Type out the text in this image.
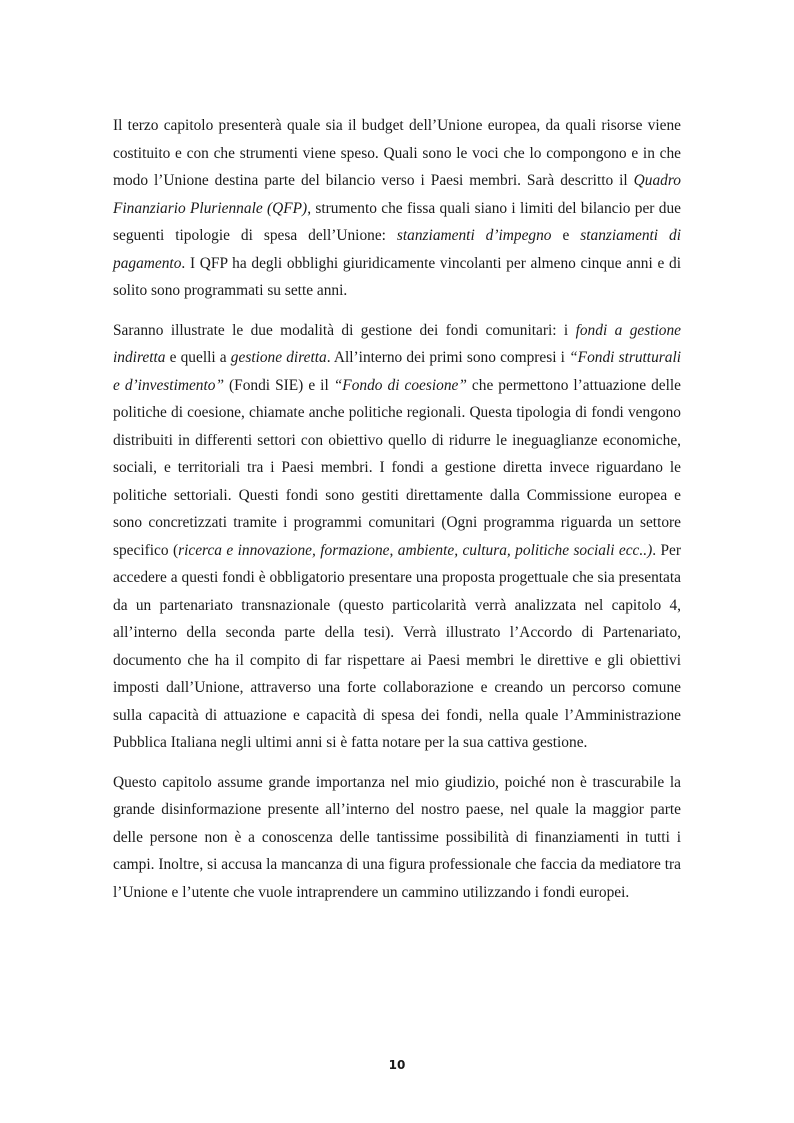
Il terzo capitolo presenterà quale sia il budget dell’Unione europea, da quali risorse viene costituito e con che strumenti viene speso. Quali sono le voci che lo compongono e in che modo l’Unione destina parte del bilancio verso i Paesi membri. Sarà descritto il Quadro Finanziario Pluriennale (QFP), strumento che fissa quali siano i limiti del bilancio per due seguenti tipologie di spesa dell’Unione: stanziamenti d’impegno e stanziamenti di pagamento. I QFP ha degli obblighi giuridicamente vincolanti per almeno cinque anni e di solito sono programmati su sette anni.

Saranno illustrate le due modalità di gestione dei fondi comunitari: i fondi a gestione indiretta e quelli a gestione diretta. All’interno dei primi sono compresi i “Fondi strutturali e d’investimento” (Fondi SIE) e il “Fondo di coesione” che permettono l’attuazione delle politiche di coesione, chiamate anche politiche regionali. Questa tipologia di fondi vengono distribuiti in differenti settori con obiettivo quello di ridurre le ineguaglianze economiche, sociali, e territoriali tra i Paesi membri. I fondi a gestione diretta invece riguardano le politiche settoriali. Questi fondi sono gestiti direttamente dalla Commissione europea e sono concretizzati tramite i programmi comunitari (Ogni programma riguarda un settore specifico (ricerca e innovazione, formazione, ambiente, cultura, politiche sociali ecc..). Per accedere a questi fondi è obbligatorio presentare una proposta progettuale che sia presentata da un partenariato transnazionale (questo particolarità verrà analizzata nel capitolo 4, all’interno della seconda parte della tesi). Verrà illustrato l’Accordo di Partenariato, documento che ha il compito di far rispettare ai Paesi membri le direttive e gli obiettivi imposti dall’Unione, attraverso una forte collaborazione e creando un percorso comune sulla capacità di attuazione e capacità di spesa dei fondi, nella quale l’Amministrazione Pubblica Italiana negli ultimi anni si è fatta notare per la sua cattiva gestione.

Questo capitolo assume grande importanza nel mio giudizio, poiché non è trascurabile la grande disinformazione presente all’interno del nostro paese, nel quale la maggior parte delle persone non è a conoscenza delle tantissime possibilità di finanziamenti in tutti i campi. Inoltre, si accusa la mancanza di una figura professionale che faccia da mediatore tra l’Unione e l’utente che vuole intraprendere un cammino utilizzando i fondi europei.

10
